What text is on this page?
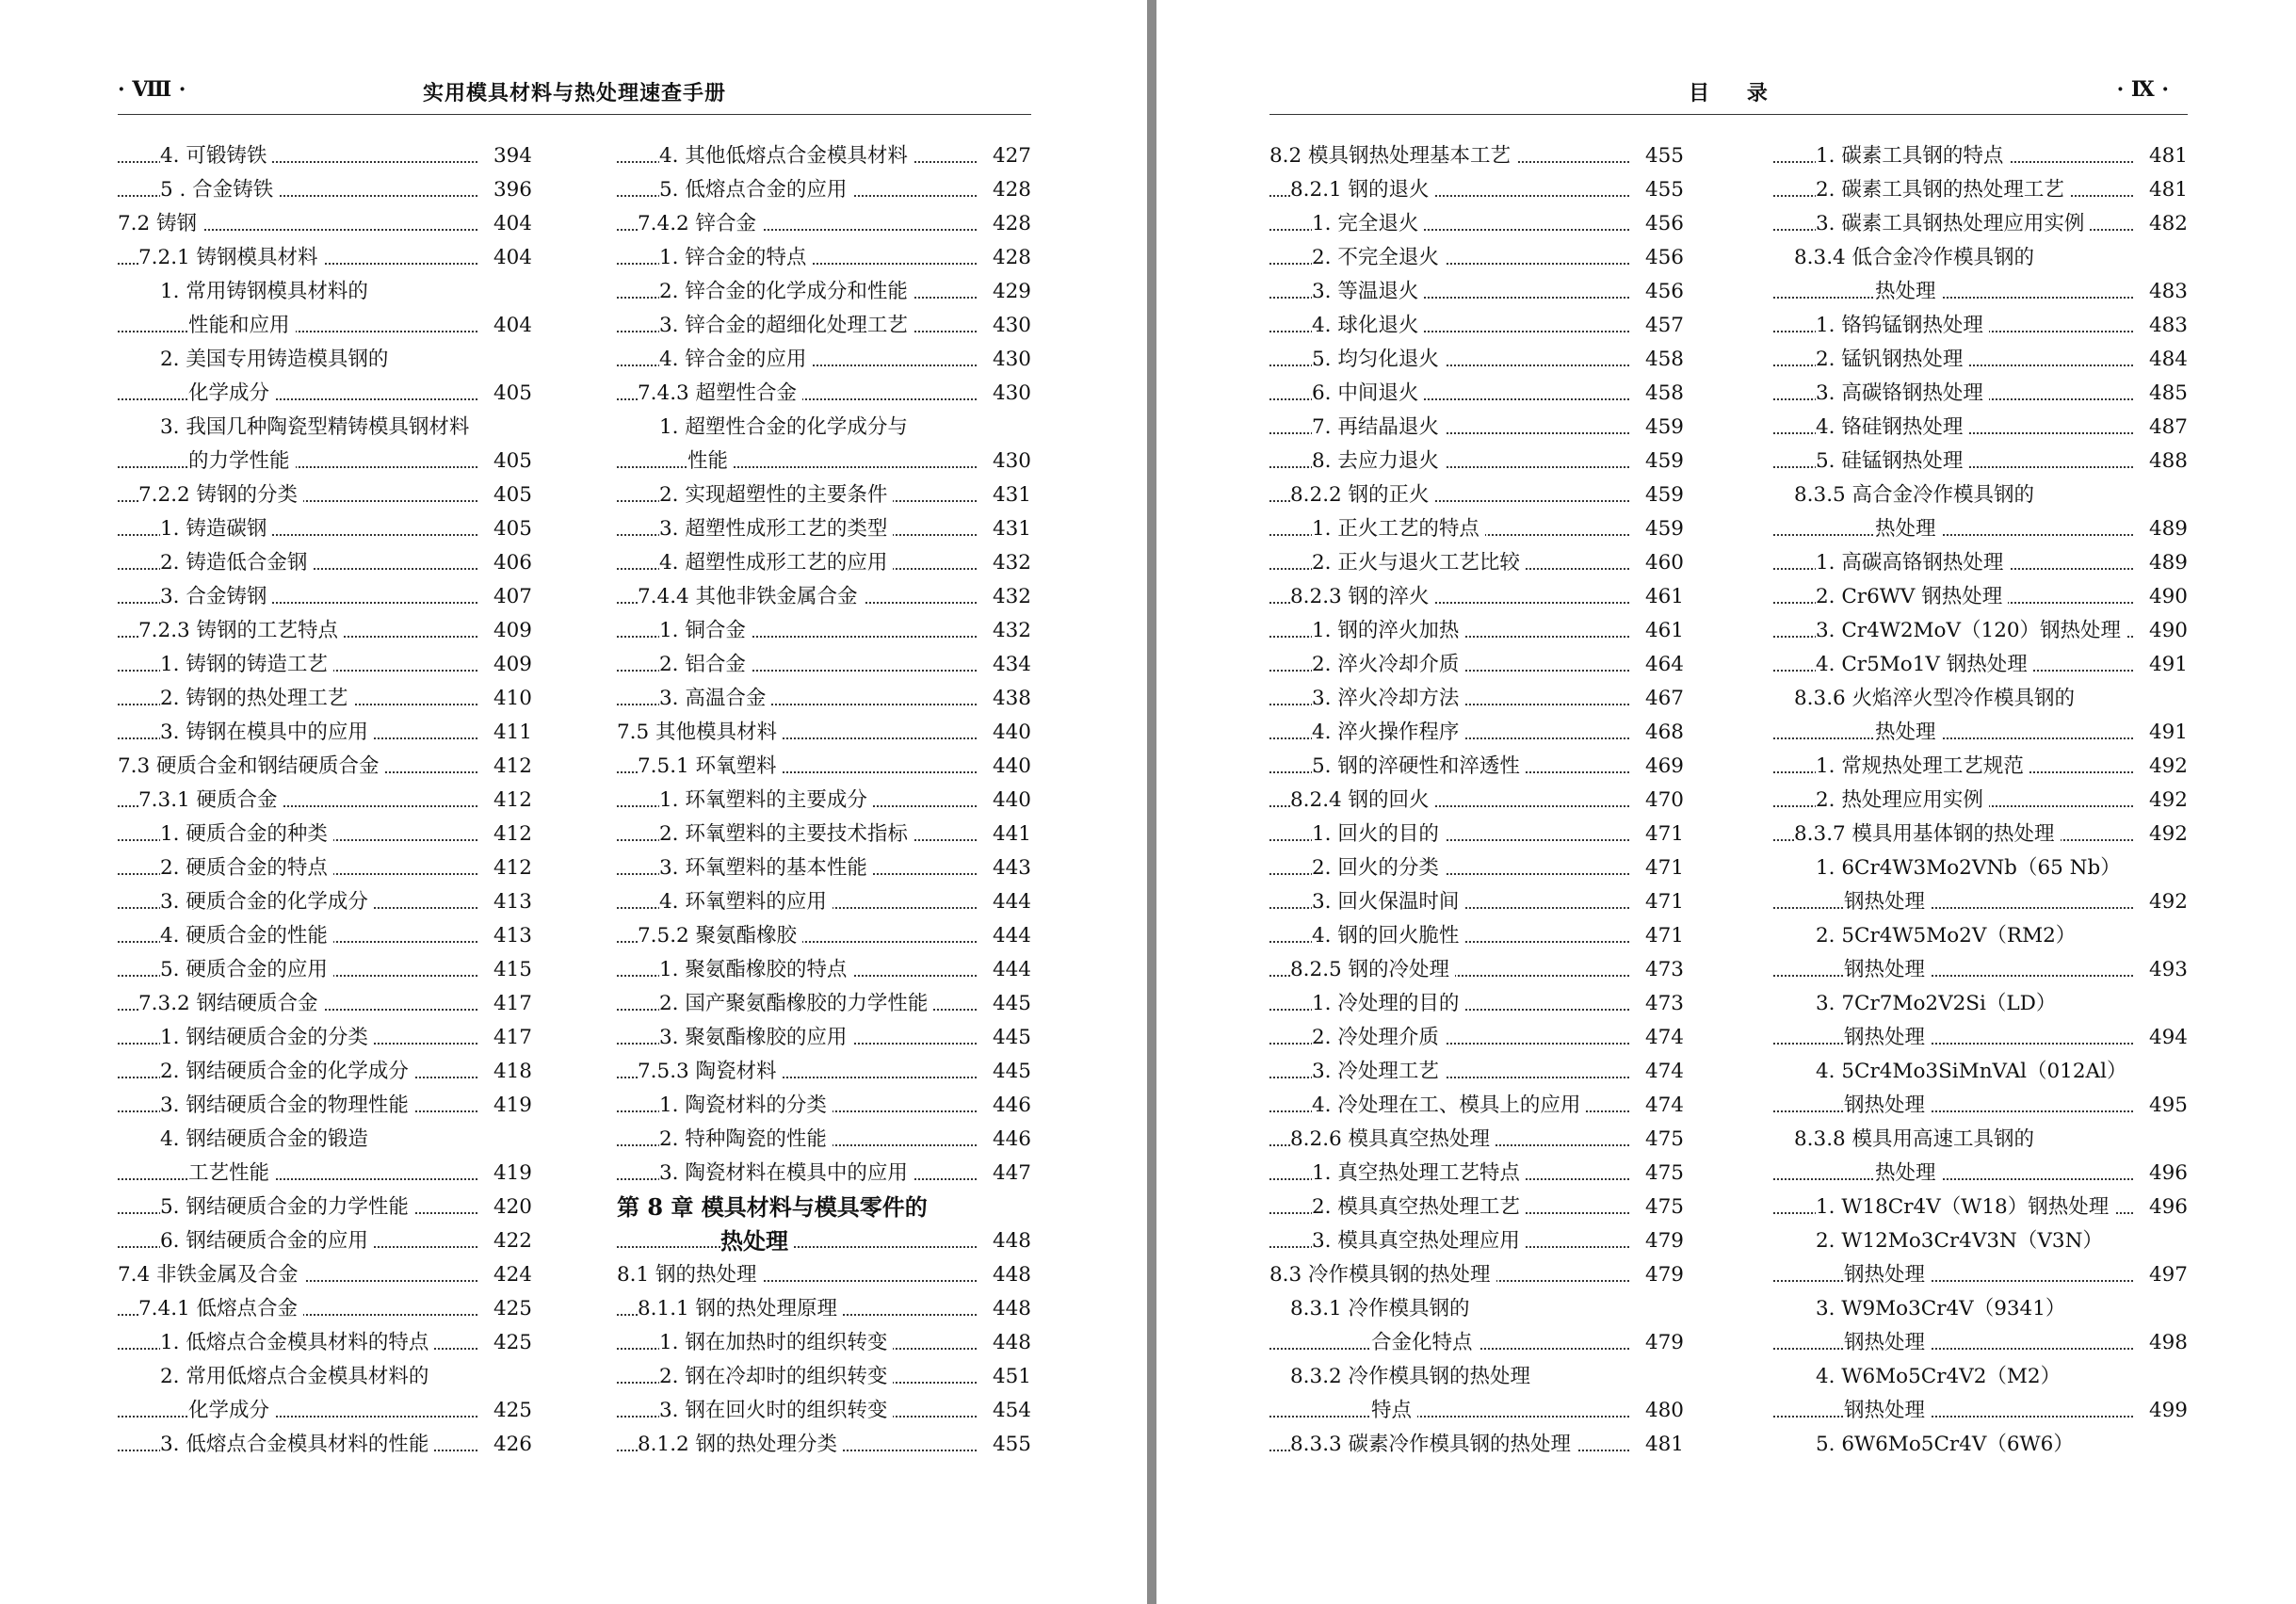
· Ⅷ ·	实用模具材料与热处理速查手册
4. 可锻铸铁	394
5 . 合金铸铁	396
7.2 铸钢	404
7.2.1 铸钢模具材料	404
1. 常用铸钢模具材料的
性能和应用	404
2. 美国专用铸造模具钢的
化学成分	405
3. 我国几种陶瓷型精铸模具钢材料
的力学性能	405
7.2.2 铸钢的分类	405
1. 铸造碳钢	405
2. 铸造低合金钢	406
3. 合金铸钢	407
7.2.3 铸钢的工艺特点	409
1. 铸钢的铸造工艺	409
2. 铸钢的热处理工艺	410
3. 铸钢在模具中的应用	411
7.3 硬质合金和钢结硬质合金	412
7.3.1 硬质合金	412
1. 硬质合金的种类	412
2. 硬质合金的特点	412
3. 硬质合金的化学成分	413
4. 硬质合金的性能	413
5. 硬质合金的应用	415
7.3.2 钢结硬质合金	417
1. 钢结硬质合金的分类	417
2. 钢结硬质合金的化学成分	418
3. 钢结硬质合金的物理性能	419
4. 钢结硬质合金的锻造
工艺性能	419
5. 钢结硬质合金的力学性能	420
6. 钢结硬质合金的应用	422
7.4 非铁金属及合金	424
7.4.1 低熔点合金	425
1. 低熔点合金模具材料的特点	425
2. 常用低熔点合金模具材料的
化学成分	425
3. 低熔点合金模具材料的性能	426
4. 其他低熔点合金模具材料	427
5. 低熔点合金的应用	428
7.4.2 锌合金	428
1. 锌合金的特点	428
2. 锌合金的化学成分和性能	429
3. 锌合金的超细化处理工艺	430
4. 锌合金的应用	430
7.4.3 超塑性合金	430
1. 超塑性合金的化学成分与
性能	430
2. 实现超塑性的主要条件	431
3. 超塑性成形工艺的类型	431
4. 超塑性成形工艺的应用	432
7.4.4 其他非铁金属合金	432
1. 铜合金	432
2. 铝合金	434
3. 高温合金	438
7.5 其他模具材料	440
7.5.1 环氧塑料	440
1. 环氧塑料的主要成分	440
2. 环氧塑料的主要技术指标	441
3. 环氧塑料的基本性能	443
4. 环氧塑料的应用	444
7.5.2 聚氨酯橡胶	444
1. 聚氨酯橡胶的特点	444
2. 国产聚氨酯橡胶的力学性能	445
3. 聚氨酯橡胶的应用	445
7.5.3 陶瓷材料	445
1. 陶瓷材料的分类	446
2. 特种陶瓷的性能	446
3. 陶瓷材料在模具中的应用	447
第 8 章 模具材料与模具零件的
热处理	448
8.1 钢的热处理	448
8.1.1 钢的热处理原理	448
1. 钢在加热时的组织转变	448
2. 钢在冷却时的组织转变	451
3. 钢在回火时的组织转变	454
8.1.2 钢的热处理分类	455
目 录	· Ⅸ ·
8.2 模具钢热处理基本工艺	455
8.2.1 钢的退火	455
1. 完全退火	456
2. 不完全退火	456
3. 等温退火	456
4. 球化退火	457
5. 均匀化退火	458
6. 中间退火	458
7. 再结晶退火	459
8. 去应力退火	459
8.2.2 钢的正火	459
1. 正火工艺的特点	459
2. 正火与退火工艺比较	460
8.2.3 钢的淬火	461
1. 钢的淬火加热	461
2. 淬火冷却介质	464
3. 淬火冷却方法	467
4. 淬火操作程序	468
5. 钢的淬硬性和淬透性	469
8.2.4 钢的回火	470
1. 回火的目的	471
2. 回火的分类	471
3. 回火保温时间	471
4. 钢的回火脆性	471
8.2.5 钢的冷处理	473
1. 冷处理的目的	473
2. 冷处理介质	474
3. 冷处理工艺	474
4. 冷处理在工、模具上的应用	474
8.2.6 模具真空热处理	475
1. 真空热处理工艺特点	475
2. 模具真空热处理工艺	475
3. 模具真空热处理应用	479
8.3 冷作模具钢的热处理	479
8.3.1 冷作模具钢的
合金化特点	479
8.3.2 冷作模具钢的热处理
特点	480
8.3.3 碳素冷作模具钢的热处理	481
1. 碳素工具钢的特点	481
2. 碳素工具钢的热处理工艺	481
3. 碳素工具钢热处理应用实例	482
8.3.4 低合金冷作模具钢的
热处理	483
1. 铬钨锰钢热处理	483
2. 锰钒钢热处理	484
3. 高碳铬钢热处理	485
4. 铬硅钢热处理	487
5. 硅锰钢热处理	488
8.3.5 高合金冷作模具钢的
热处理	489
1. 高碳高铬钢热处理	489
2. Cr6WV 钢热处理	490
3. Cr4W2MoV（120）钢热处理	490
4. Cr5Mo1V 钢热处理	491
8.3.6 火焰淬火型冷作模具钢的
热处理	491
1. 常规热处理工艺规范	492
2. 热处理应用实例	492
8.3.7 模具用基体钢的热处理	492
1. 6Cr4W3Mo2VNb（65 Nb）
钢热处理	492
2. 5Cr4W5Mo2V（RM2）
钢热处理	493
3. 7Cr7Mo2V2Si（LD）
钢热处理	494
4. 5Cr4Mo3SiMnVAl（012Al）
钢热处理	495
8.3.8 模具用高速工具钢的
热处理	496
1. W18Cr4V（W18）钢热处理	496
2. W12Mo3Cr4V3N（V3N）
钢热处理	497
3. W9Mo3Cr4V（9341）
钢热处理	498
4. W6Mo5Cr4V2（M2）
钢热处理	499
5. 6W6Mo5Cr4V（6W6）
